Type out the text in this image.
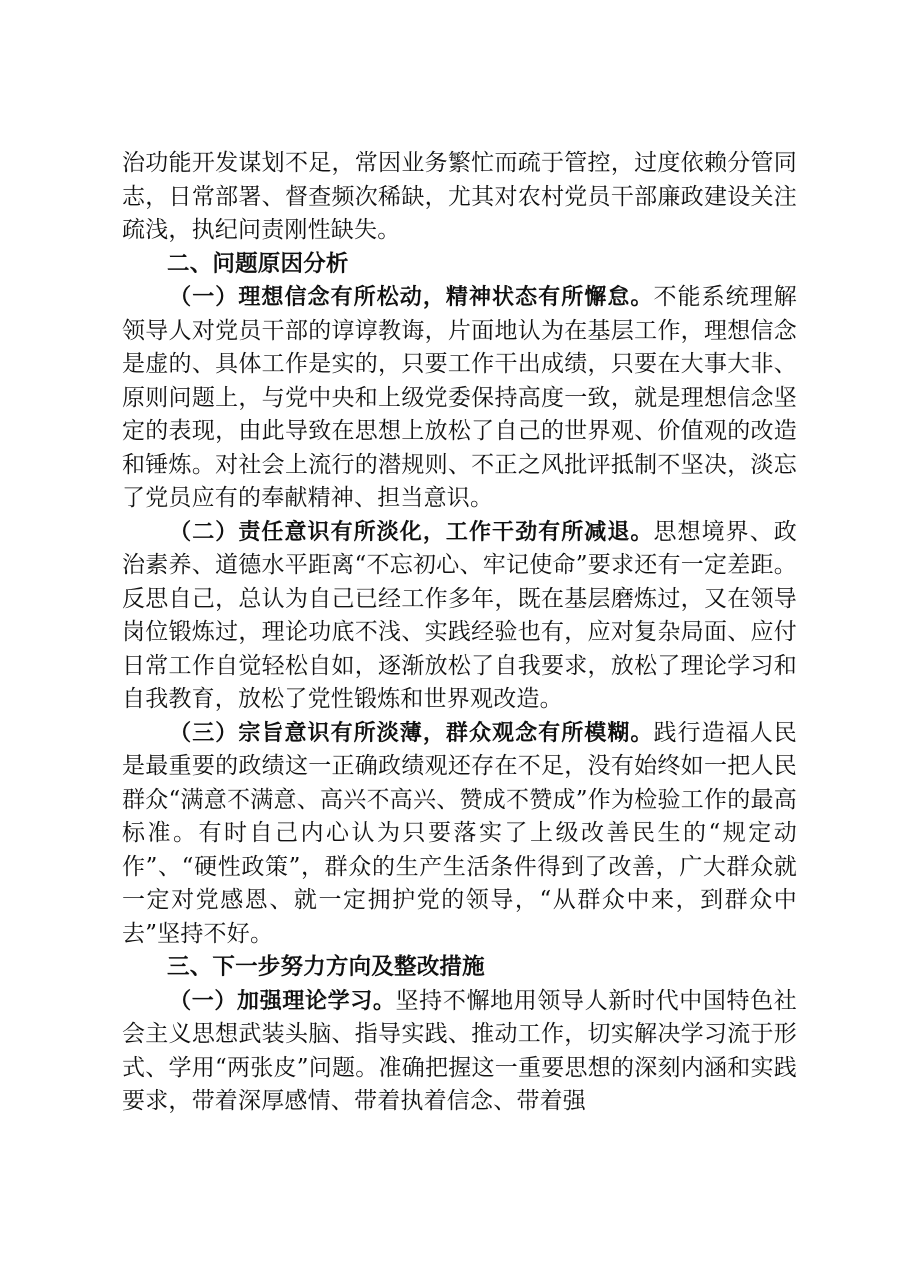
治功能开发谋划不足，常因业务繁忙而疏于管控，过度依赖分管同志，日常部署、督查频次稀缺，尤其对农村党员干部廉政建设关注疏浅，执纪问责刚性缺失。

二、问题原因分析

（一）理想信念有所松动，精神状态有所懈怠。不能系统理解领导人对党员干部的谆谆教诲，片面地认为在基层工作，理想信念是虚的、具体工作是实的，只要工作干出成绩，只要在大事大非、原则问题上，与党中央和上级党委保持高度一致，就是理想信念坚定的表现，由此导致在思想上放松了自己的世界观、价值观的改造和锤炼。对社会上流行的潜规则、不正之风批评抵制不坚决，淡忘了党员应有的奉献精神、担当意识。

（二）责任意识有所淡化，工作干劲有所减退。思想境界、政治素养、道德水平距离“不忘初心、牢记使命”要求还有一定差距。反思自己，总认为自己已经工作多年，既在基层磨炼过，又在领导岗位锻炼过，理论功底不浅、实践经验也有，应对复杂局面、应付日常工作自觉轻松自如，逐渐放松了自我要求，放松了理论学习和自我教育，放松了党性锻炼和世界观改造。

（三）宗旨意识有所淡薄，群众观念有所模糊。践行造福人民是最重要的政绩这一正确政绩观还存在不足，没有始终如一把人民群众“满意不满意、高兴不高兴、赞成不赞成”作为检验工作的最高标准。有时自己内心认为只要落实了上级改善民生的“规定动作”、“硬性政策”，群众的生产生活条件得到了改善，广大群众就一定对党感恩、就一定拥护党的领导，“从群众中来，到群众中去”坚持不好。

三、下一步努力方向及整改措施

（一）加强理论学习。坚持不懈地用领导人新时代中国特色社会主义思想武装头脑、指导实践、推动工作，切实解决学习流于形式、学用“两张皮”问题。准确把握这一重要思想的深刻内涵和实践要求，带着深厚感情、带着执着信念、带着强
